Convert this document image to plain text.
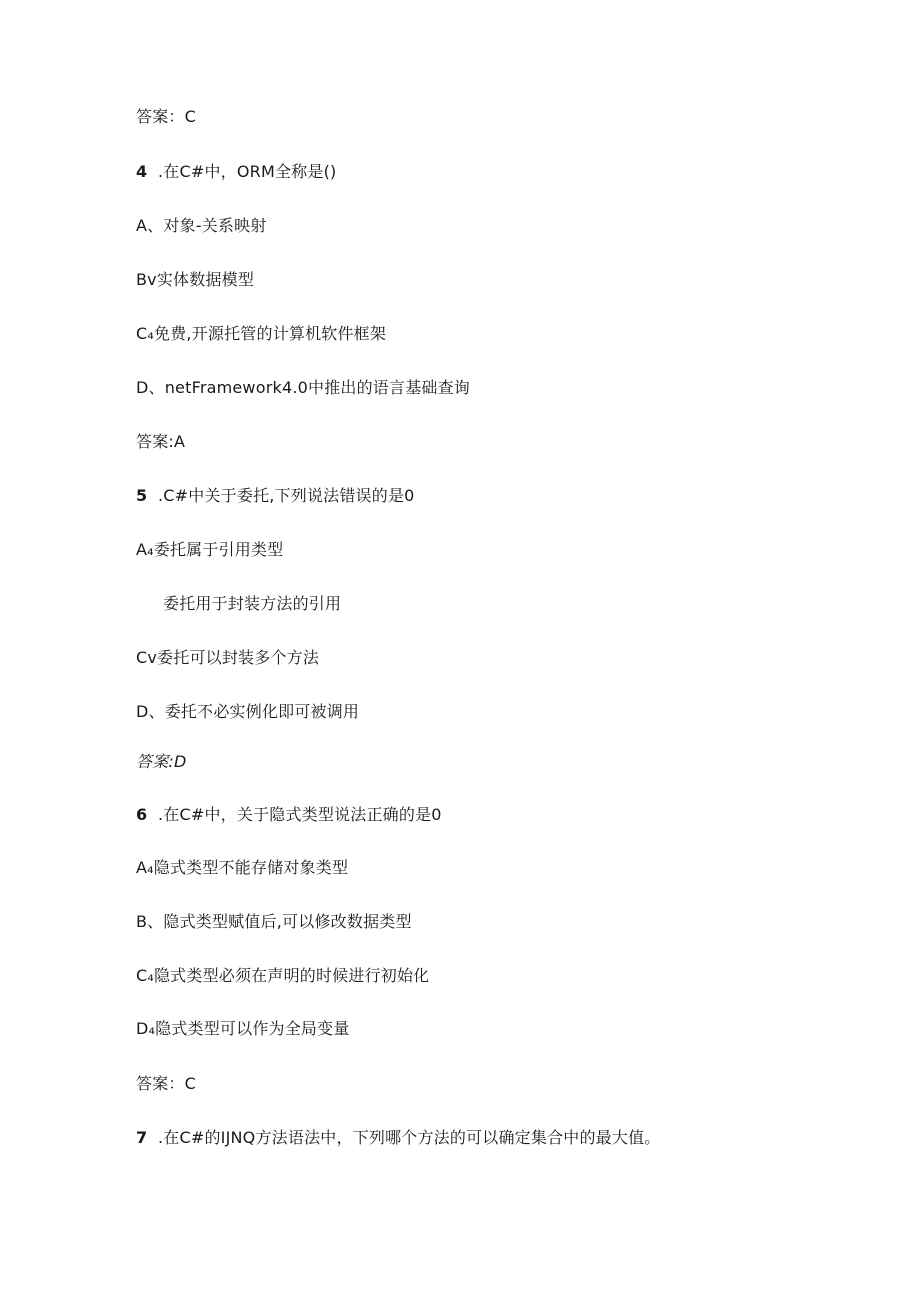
答案：C
4 .在C#中，ORM全称是()
A、对象-关系映射
Bv实体数据模型
C₄免费,开源托管的计算机软件框架
D、netFramework4.0中推出的语言基础查询
答案:A
5 .C#中关于委托,下列说法错误的是0
A₄委托属于引用类型
委托用于封装方法的引用
Cv委托可以封装多个方法
D、委托不必实例化即可被调用
答案:D
6 .在C#中，关于隐式类型说法正确的是0
A₄隐式类型不能存储对象类型
B、隐式类型赋值后,可以修改数据类型
C₄隐式类型必须在声明的时候进行初始化
D₄隐式类型可以作为全局变量
答案：C
7 .在C#的IJNQ方法语法中，下列哪个方法的可以确定集合中的最大值。
